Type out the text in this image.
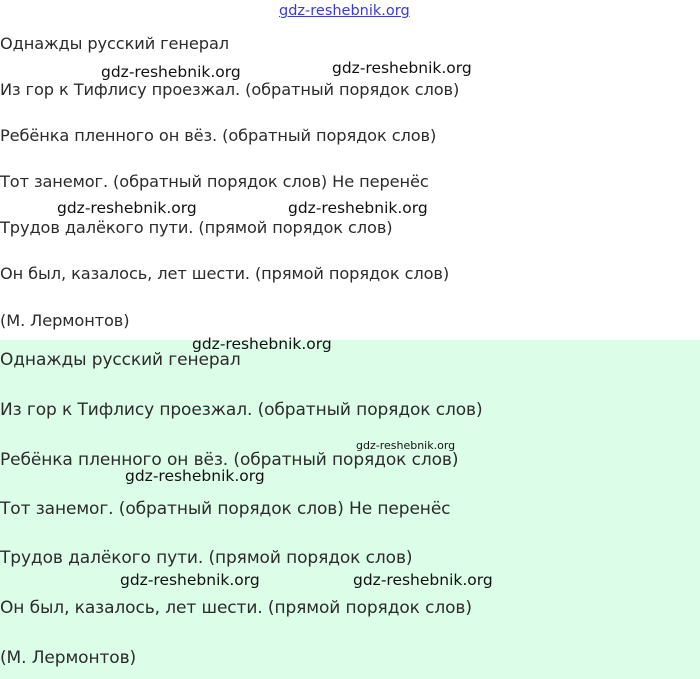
Однажды русский генерал
Из гор к Тифлису проезжал. (обратный порядок слов)
Ребёнка пленного он вёз. (обратный порядок слов)
Тот занемог. (обратный порядок слов) Не перенёс
Трудов далёкого пути. (прямой порядок слов)
Он был, казалось, лет шести. (прямой порядок слов)
(М. Лермонтов)
Однажды русский генерал
Из гор к Тифлису проезжал. (обратный порядок слов)
Ребёнка пленного он вёз. (обратный порядок слов)
Тот занемог. (обратный порядок слов) Не перенёс
Трудов далёкого пути. (прямой порядок слов)
Он был, казалось, лет шести. (прямой порядок слов)
(М. Лермонтов)
gdz-reshebnik.org
gdz-reshebnik.org	gdz-reshebnik.org
gdz-reshebnik.org	gdz-reshebnik.org
gdz-reshebnik.org
gdz-reshebnik.org
gdz-reshebnik.org
gdz-reshebnik.org	gdz-reshebnik.org
